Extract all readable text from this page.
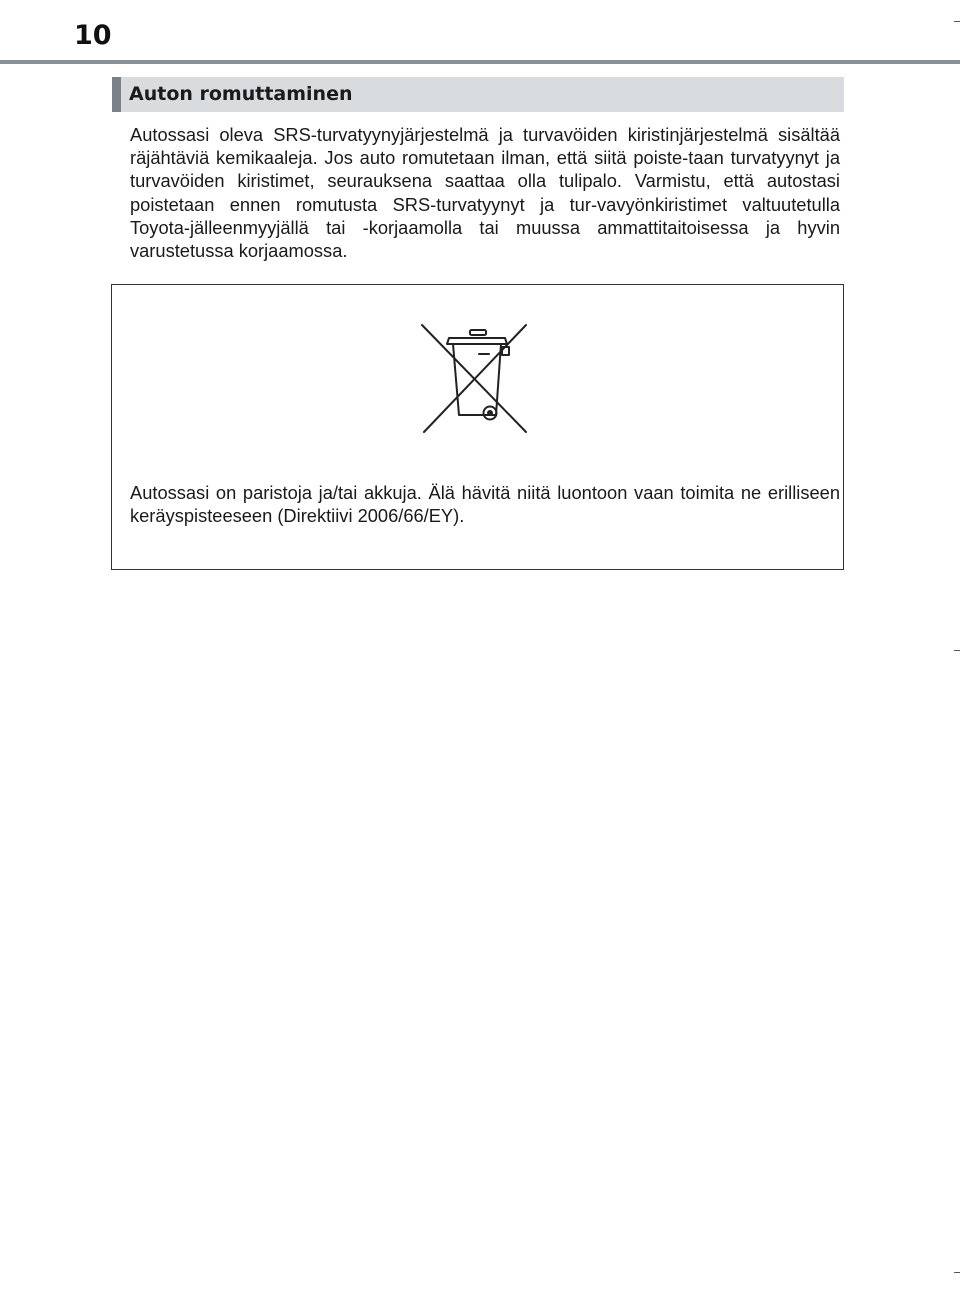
10
Auton romuttaminen

Autossasi oleva SRS-turvatyynyjärjestelmä ja turvavöiden kiristinjärjestelmä sisältää räjähtäviä kemikaaleja. Jos auto romutetaan ilman, että siitä poiste-taan turvatyynyt ja turvavöiden kiristimet, seurauksena saattaa olla tulipalo. Varmistu, että autostasi poistetaan ennen romutusta SRS-turvatyynyt ja tur-vavyönkiristimet valtuutetulla Toyota-jälleenmyyjällä tai -korjaamolla tai muussa ammattitaitoisessa ja hyvin varustetussa korjaamossa.

Autossasi on paristoja ja/tai akkuja. Älä hävitä niitä luontoon vaan toimita ne erilliseen keräyspisteeseen (Direktiivi 2006/66/EY).
